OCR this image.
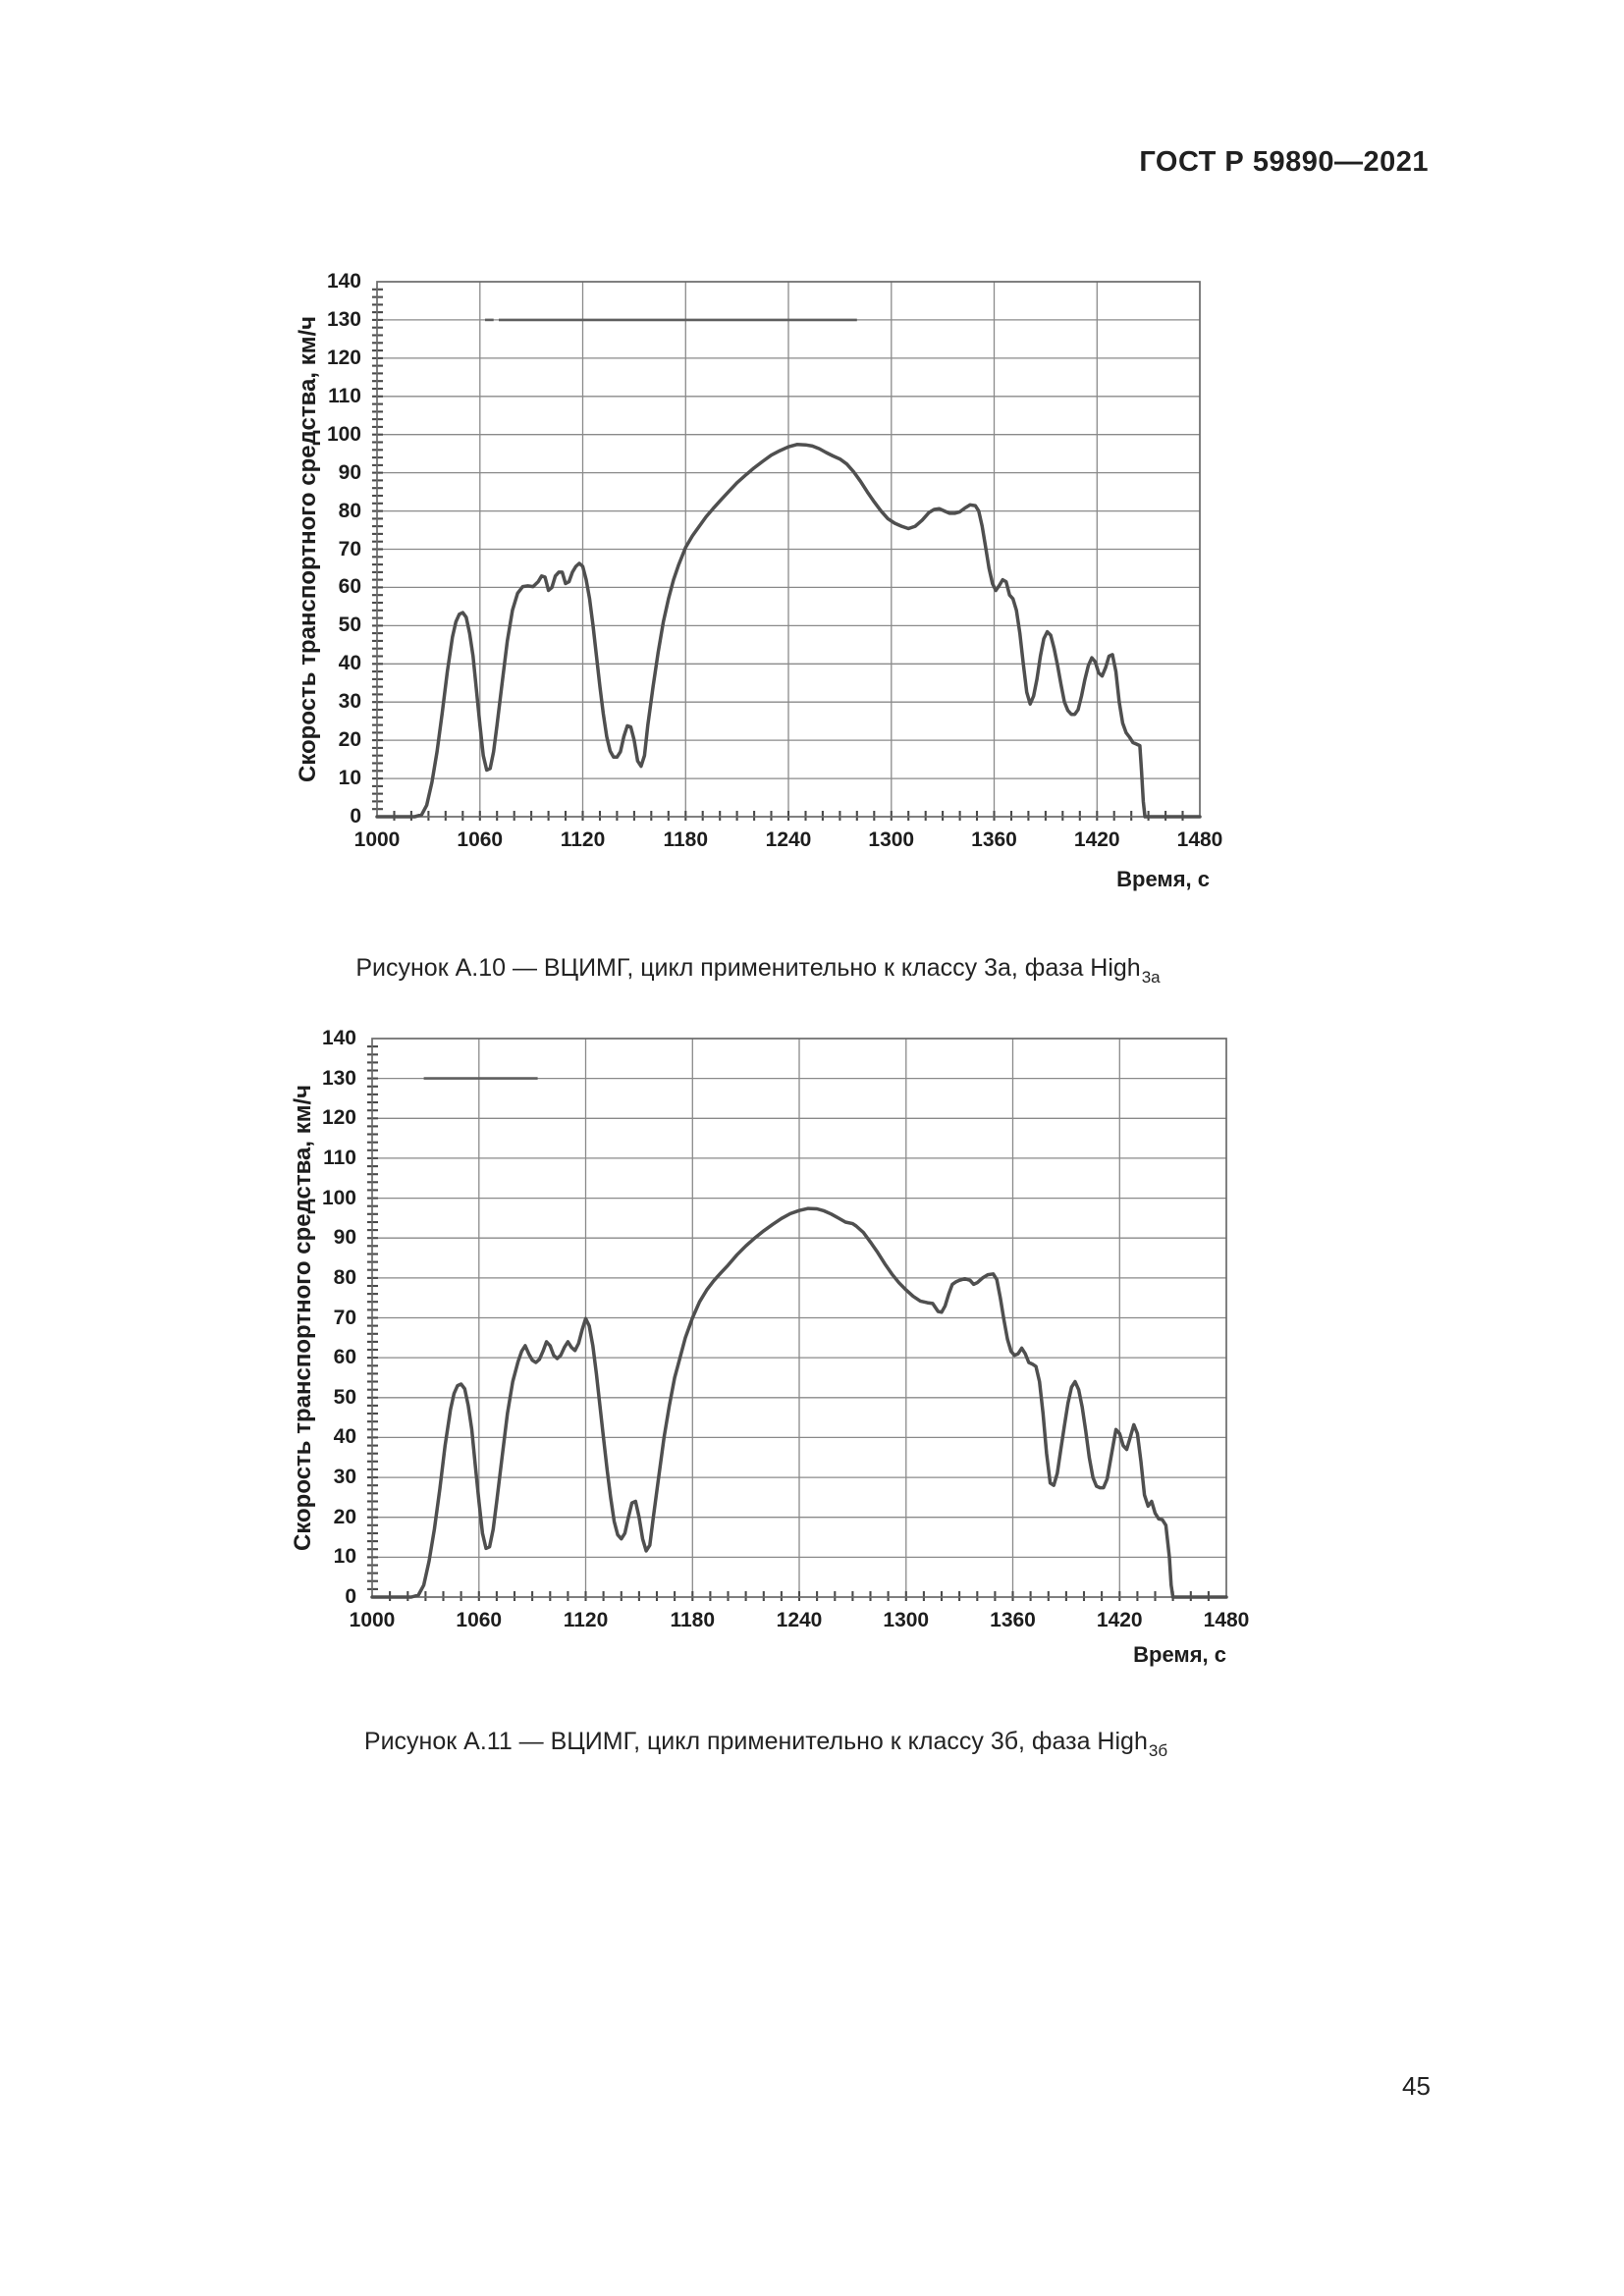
ГОСТ Р 59890—2021
Скорость транспортного средства, км/ч
0
10
20
30
40
50
60
70
80
90
100
110
120
130
140
1000	1060	1120	1180	1240	1300	1360	1420	1480
Время, с
Рисунок А.10 — ВЦИМГ, цикл применительно к классу 3а, фаза High$_{3а}$
Скорость транспортного средства, км/ч
0
10
20
30
40
50
60
70
80
90
100
110
120
130
140
1000	1060	1120	1180	1240	1300	1360	1420	1480
Время, с
Рисунок А.11 — ВЦИМГ, цикл применительно к классу 3б, фаза High$_{3б}$
45
